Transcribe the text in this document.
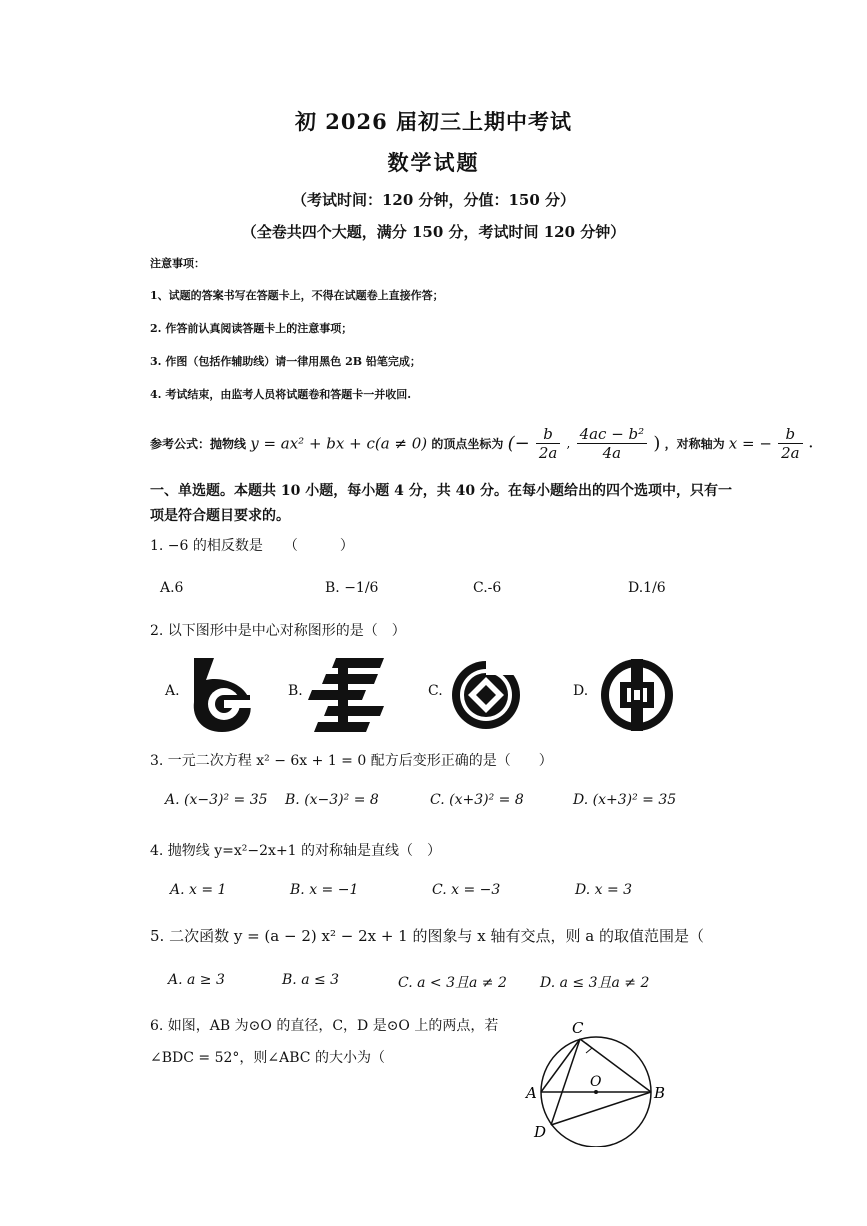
初 2026 届初三上期中考试
数学试题
（考试时间：120 分钟，分值：150 分）
（全卷共四个大题，满分 150 分，考试时间 120 分钟）
注意事项：
1、试题的答案书写在答题卡上，不得在试题卷上直接作答；
2. 作答前认真阅读答题卡上的注意事项；
3. 作图（包括作辅助线）请一律用黑色 2B 铅笔完成；
4. 考试结束，由监考人员将试题卷和答题卡一并收回.
参考公式：抛物线 y = ax² + bx + c(a ≠ 0) 的顶点坐标为 (− $\frac{b}{2a}$ , $\frac{\text{4ac − b²}}{4a}$ ) ，对称轴为 x = − $\frac{b}{2a}$ .
一、单选题。本题共 10 小题，每小题 4 分，共 40 分。在每小题给出的四个选项中，只有一
项是符合题目要求的。
1. −6 的相反数是　　（　　　）
A.6	B. −1/6	C.-6	D.1/6
2. 以下图形中是中心对称图形的是（　）
A.	B.	C.	D.
3. 一元二次方程 x² − 6x + 1 = 0 配方后变形正确的是（　　）
A. (x−3)² = 35 B. (x−3)² = 8	C. (x+3)² = 8	D. (x+3)² = 35
4. 抛物线 y=x²−2x+1 的对称轴是直线（　）
A. x = 1	B. x = −1	C. x = −3	D. x = 3
5. 二次函数 y = (a − 2) x² − 2x + 1 的图象与 x 轴有交点，则 a 的取值范围是（
A. a ≥ 3	B. a ≤ 3	C. a < 3且a ≠ 2 D. a ≤ 3且a ≠ 2
6. 如图，AB 为⊙O 的直径，C，D 是⊙O 上的两点，若
∠BDC = 52°，则∠ABC 的大小为（
C
O
A	B
D
